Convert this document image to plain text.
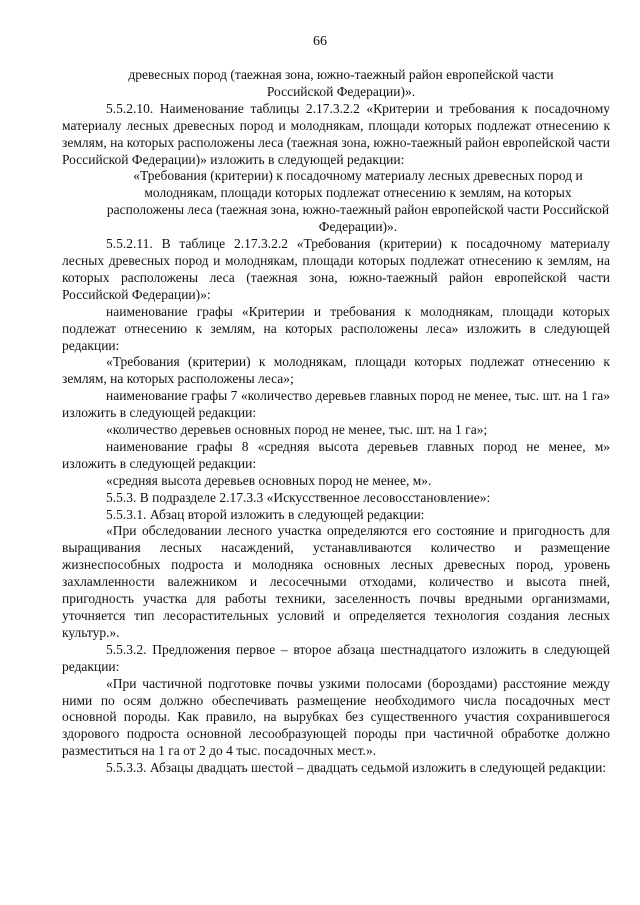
66

древесных пород (таежная зона, южно-таежный район европейской части Российской Федерации)».

5.5.2.10. Наименование таблицы 2.17.3.2.2 «Критерии и требования к посадочному материалу лесных древесных пород и молоднякам, площади которых подлежат отнесению к землям, на которых расположены леса (таежная зона, южно-таежный район европейской части Российской Федерации)» изложить в следующей редакции:

«Требования (критерии) к посадочному материалу лесных древесных пород и молоднякам, площади которых подлежат отнесению к землям, на которых расположены леса (таежная зона, южно-таежный район европейской части Российской Федерации)».

5.5.2.11. В таблице 2.17.3.2.2 «Требования (критерии) к посадочному материалу лесных древесных пород и молоднякам, площади которых подлежат отнесению к землям, на которых расположены леса (таежная зона, южно-таежный район европейской части Российской Федерации)»:

наименование графы «Критерии и требования к молоднякам, площади которых подлежат отнесению к землям, на которых расположены леса» изложить в следующей редакции:

«Требования (критерии) к молоднякам, площади которых подлежат отнесению к землям, на которых расположены леса»;

наименование графы 7 «количество деревьев главных пород не менее, тыс. шт. на 1 га» изложить в следующей редакции:

«количество деревьев основных пород не менее, тыс. шт. на 1 га»;

наименование графы 8 «средняя высота деревьев главных пород не менее, м» изложить в следующей редакции:

«средняя высота деревьев основных пород не менее, м».

5.5.3. В подразделе 2.17.3.3 «Искусственное лесовосстановление»:

5.5.3.1. Абзац второй изложить в следующей редакции:

«При обследовании лесного участка определяются его состояние и пригодность для выращивания лесных насаждений, устанавливаются количество и размещение жизнеспособных подроста и молодняка основных лесных древесных пород, уровень захламленности валежником и лесосечными отходами, количество и высота пней, пригодность участка для работы техники, заселенность почвы вредными организмами, уточняется тип лесорастительных условий и определяется технология создания лесных культур.».

5.5.3.2. Предложения первое – второе абзаца шестнадцатого изложить в следующей редакции:

«При частичной подготовке почвы узкими полосами (бороздами) расстояние между ними по осям должно обеспечивать размещение необходимого числа посадочных мест основной породы. Как правило, на вырубках без существенного участия сохранившегося здорового подроста основной лесообразующей породы при частичной обработке должно разместиться на 1 га от 2 до 4 тыс. посадочных мест.».

5.5.3.3. Абзацы двадцать шестой – двадцать седьмой изложить в следующей редакции:
